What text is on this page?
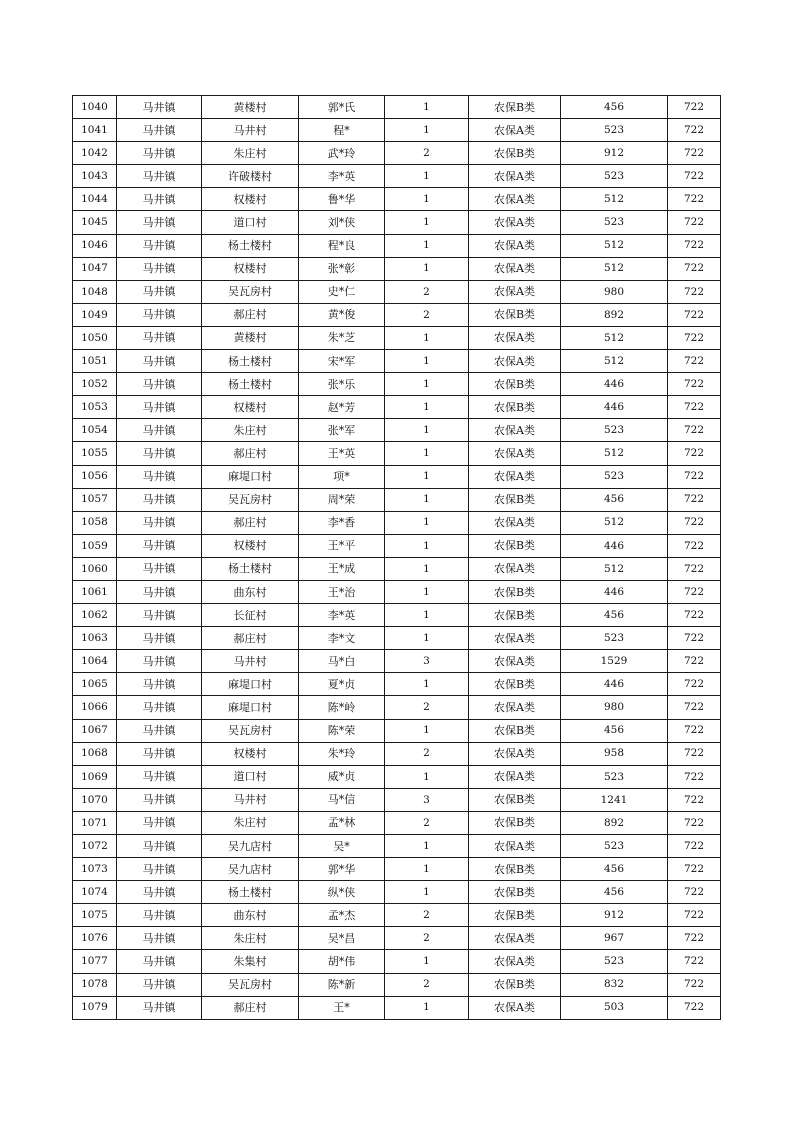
1040	马井镇	黄楼村	郭*氏	1	农保B类	456	722
1041	马井镇	马井村	程*	1	农保A类	523	722
1042	马井镇	朱庄村	武*玲	2	农保B类	912	722
1043	马井镇	许破楼村	李*英	1	农保A类	523	722
1044	马井镇	权楼村	鲁*华	1	农保A类	512	722
1045	马井镇	道口村	刘*侠	1	农保A类	523	722
1046	马井镇	杨土楼村	程*良	1	农保A类	512	722
1047	马井镇	权楼村	张*彰	1	农保A类	512	722
1048	马井镇	吴瓦房村	史*仁	2	农保A类	980	722
1049	马井镇	郝庄村	黄*俊	2	农保B类	892	722
1050	马井镇	黄楼村	朱*芝	1	农保A类	512	722
1051	马井镇	杨土楼村	宋*军	1	农保A类	512	722
1052	马井镇	杨土楼村	张*乐	1	农保B类	446	722
1053	马井镇	权楼村	赵*芳	1	农保B类	446	722
1054	马井镇	朱庄村	张*军	1	农保A类	523	722
1055	马井镇	郝庄村	王*英	1	农保A类	512	722
1056	马井镇	麻堤口村	项*	1	农保A类	523	722
1057	马井镇	吴瓦房村	周*荣	1	农保B类	456	722
1058	马井镇	郝庄村	李*香	1	农保A类	512	722
1059	马井镇	权楼村	王*平	1	农保B类	446	722
1060	马井镇	杨土楼村	王*成	1	农保A类	512	722
1061	马井镇	曲东村	王*治	1	农保B类	446	722
1062	马井镇	长征村	李*英	1	农保B类	456	722
1063	马井镇	郝庄村	李*文	1	农保A类	523	722
1064	马井镇	马井村	马*白	3	农保A类	1529	722
1065	马井镇	麻堤口村	夏*贞	1	农保B类	446	722
1066	马井镇	麻堤口村	陈*岭	2	农保A类	980	722
1067	马井镇	吴瓦房村	陈*荣	1	农保B类	456	722
1068	马井镇	权楼村	朱*玲	2	农保A类	958	722
1069	马井镇	道口村	威*贞	1	农保A类	523	722
1070	马井镇	马井村	马*信	3	农保B类	1241	722
1071	马井镇	朱庄村	孟*林	2	农保B类	892	722
1072	马井镇	吴九店村	吴*	1	农保A类	523	722
1073	马井镇	吴九店村	郭*华	1	农保B类	456	722
1074	马井镇	杨土楼村	纵*侠	1	农保B类	456	722
1075	马井镇	曲东村	孟*杰	2	农保B类	912	722
1076	马井镇	朱庄村	吴*昌	2	农保A类	967	722
1077	马井镇	朱集村	胡*伟	1	农保A类	523	722
1078	马井镇	吴瓦房村	陈*新	2	农保B类	832	722
1079	马井镇	郝庄村	王*	1	农保A类	503	722
